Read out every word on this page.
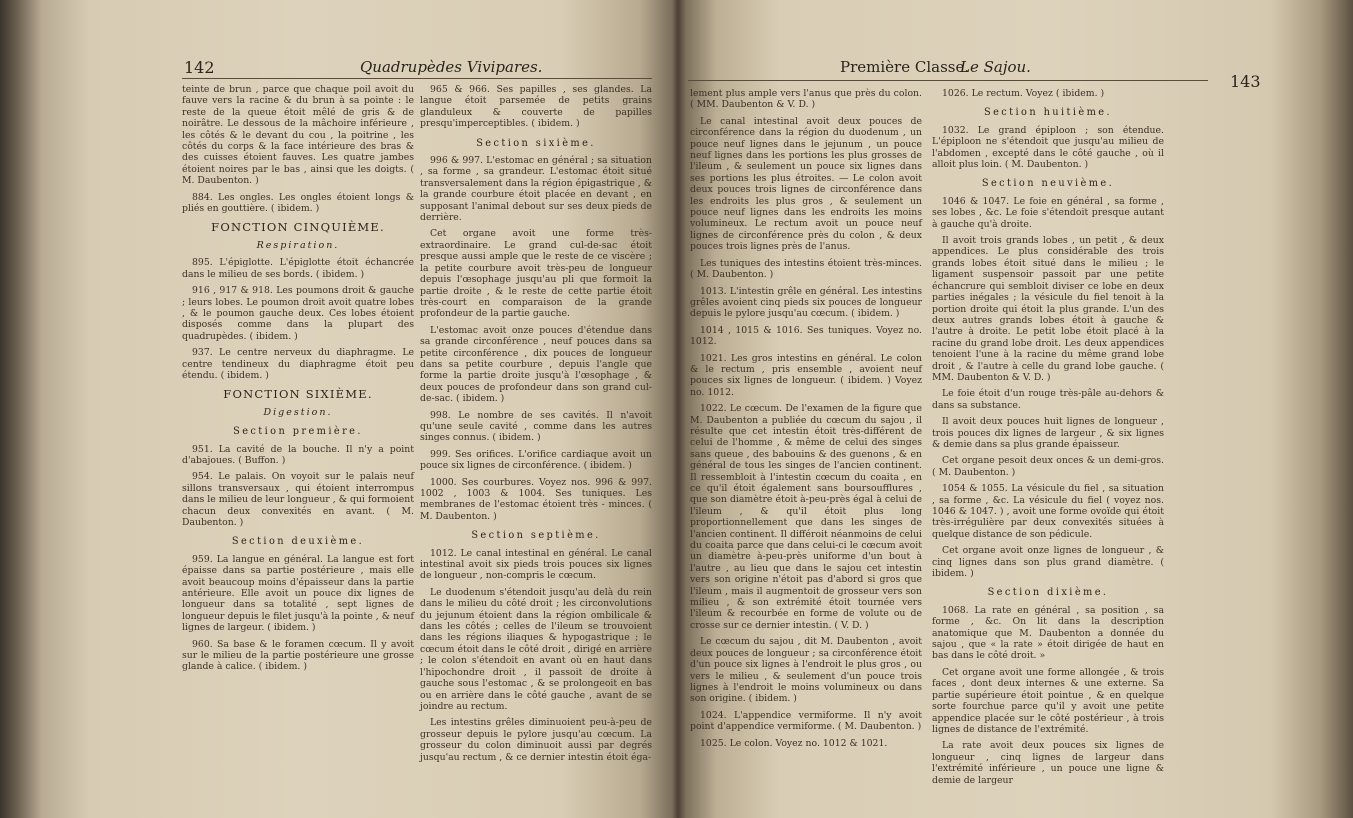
142	Quadrupèdes Vivipares.

teinte de brun , parce que chaque poil avoit du fauve vers la racine & du brun à sa pointe : le reste de la queue étoit mêlé de gris & de noirâtre. Le dessous de la mâchoire inférieure , les côtés & le devant du cou , la poitrine , les côtés du corps & la face intérieure des bras & des cuisses étoient fauves. Les quatre jambes étoient noires par le bas , ainsi que les doigts. ( M. Daubenton. )

884. Les ongles. Les ongles étoient longs & pliés en gouttière. ( ibidem. )

FONCTION CINQUIÈME.
Respiration.

895. L'épiglotte. L'épiglotte étoit échancrée dans le milieu de ses bords. ( ibidem. )

916 , 917 & 918. Les poumons droit & gauche ; leurs lobes. Le poumon droit avoit quatre lobes , & le poumon gauche deux. Ces lobes étoient disposés comme dans la plupart des quadrupèdes. ( ibidem. )

937. Le centre nerveux du diaphragme. Le centre tendineux du diaphragme étoit peu étendu. ( ibidem. )

FONCTION SIXIÈME.
Digestion.
Section première.

951. La cavité de la bouche. Il n'y a point d'abajoues. ( Buffon. )

954. Le palais. On voyoit sur le palais neuf sillons transversaux , qui étoient interrompus dans le milieu de leur longueur , & qui formoient chacun deux convexités en avant. ( M. Daubenton. )

Section deuxième.

959. La langue en général. La langue est fort épaisse dans sa partie postérieure , mais elle avoit beaucoup moins d'épaisseur dans la partie antérieure. Elle avoit un pouce dix lignes de longueur dans sa totalité , sept lignes de longueur depuis le filet jusqu'à la pointe , & neuf lignes de largeur. ( ibidem. )

960. Sa base & le foramen cœcum. Il y avoit sur le milieu de la partie postérieure une grosse glande à calice. ( ibidem. )

965 & 966. Ses papilles , ses glandes. La langue étoit parsemée de petits grains glanduleux & couverte de papilles presqu'imperceptibles. ( ibidem. )

Section sixième.

996 & 997. L'estomac en général ; sa situation , sa forme , sa grandeur. L'estomac étoit situé transversalement dans la région épigastrique , & la grande courbure étoit placée en devant , en supposant l'animal debout sur ses deux pieds de derrière.

Cet organe avoit une forme très-extraordinaire. Le grand cul-de-sac étoit presque aussi ample que le reste de ce viscère ; la petite courbure avoit très-peu de longueur depuis l'œsophage jusqu'au pli que formoit la partie droite , & le reste de cette partie étoit très-court en comparaison de la grande profondeur de la partie gauche.

L'estomac avoit onze pouces d'étendue dans sa grande circonférence , neuf pouces dans sa petite circonférence , dix pouces de longueur dans sa petite courbure , depuis l'angle que forme la partie droite jusqu'à l'œsophage , & deux pouces de profondeur dans son grand cul-de-sac. ( ibidem. )

998. Le nombre de ses cavités. Il n'avoit qu'une seule cavité , comme dans les autres singes connus. ( ibidem. )

999. Ses orifices. L'orifice cardiaque avoit un pouce six lignes de circonférence. ( ibidem. )

1000. Ses courbures. Voyez nos. 996 & 997. 1002 , 1003 & 1004. Ses tuniques. Les membranes de l'estomac étoient très - minces. ( M. Daubenton. )

Section septième.

1012. Le canal intestinal en général. Le canal intestinal avoit six pieds trois pouces six lignes de longueur , non-compris le cœcum.

Le duodenum s'étendoit jusqu'au delà du rein dans le milieu du côté droit ; les circonvolutions du jejunum étoient dans la région ombilicale & dans les côtés ; celles de l'ileum se trouvoient dans les régions iliaques & hypogastrique ; le cœcum étoit dans le côté droit , dirigé en arrière ; le colon s'étendoit en avant où en haut dans l'hipochondre droit , il passoit de droite à gauche sous l'estomac , & se prolongeoit en bas ou en arrière dans le côté gauche , avant de se joindre au rectum.

Les intestins grêles diminuoient peu-à-peu de grosseur depuis le pylore jusqu'au cœcum. La grosseur du colon diminuoit aussi par degrés jusqu'au rectum , & ce dernier intestin étoit éga-

Première Classe.
Le Sajou.
143

lement plus ample vers l'anus que près du colon. ( MM. Daubenton & V. D. )

Le canal intestinal avoit deux pouces de circonférence dans la région du duodenum , un pouce neuf lignes dans le jejunum , un pouce neuf lignes dans les portions les plus grosses de l'ileum , & seulement un pouce six lignes dans ses portions les plus étroites. — Le colon avoit deux pouces trois lignes de circonférence dans les endroits les plus gros , & seulement un pouce neuf lignes dans les endroits les moins volumineux. Le rectum avoit un pouce neuf lignes de circonférence près du colon , & deux pouces trois lignes près de l'anus.

Les tuniques des intestins étoient très-minces. ( M. Daubenton. )

1013. L'intestin grêle en général. Les intestins grêles avoient cinq pieds six pouces de longueur depuis le pylore jusqu'au cœcum. ( ibidem. )

1014 , 1015 & 1016. Ses tuniques. Voyez no. 1012.

1021. Les gros intestins en général. Le colon & le rectum , pris ensemble , avoient neuf pouces six lignes de longueur. ( ibidem. ) Voyez no. 1012.

1022. Le cœcum. De l'examen de la figure que M. Daubenton a publiée du cœcum du sajou , il résulte que cet intestin étoit très-différent de celui de l'homme , & même de celui des singes sans queue , des babouins & des guenons , & en général de tous les singes de l'ancien continent. Il ressembloit à l'intestin cœcum du coaita , en ce qu'il étoit également sans boursoufflures , que son diamètre étoit à-peu-près égal à celui de l'ileum , & qu'il étoit plus long proportionnellement que dans les singes de l'ancien continent. Il différoit néanmoins de celui du coaita parce que dans celui-ci le cœcum avoit un diamètre à-peu-près uniforme d'un bout à l'autre , au lieu que dans le sajou cet intestin vers son origine n'étoit pas d'abord si gros que l'ileum , mais il augmentoit de grosseur vers son milieu , & son extrémité étoit tournée vers l'ileum & recourbée en forme de volute ou de crosse sur ce dernier intestin. ( V. D. )

Le cœcum du sajou , dit M. Daubenton , avoit deux pouces de longueur ; sa circonférence étoit d'un pouce six lignes à l'endroit le plus gros , ou vers le milieu , & seulement d'un pouce trois lignes à l'endroit le moins volumineux ou dans son origine. ( ibidem. )

1024. L'appendice vermiforme. Il n'y avoit point d'appendice vermiforme. ( M. Daubenton. )

1025. Le colon. Voyez no. 1012 & 1021.

1026. Le rectum. Voyez ( ibidem. )

Section huitième.

1032. Le grand épiploon ; son étendue. L'épiploon ne s'étendoit que jusqu'au milieu de l'abdomen , excepté dans le côté gauche , où il alloit plus loin. ( M. Daubenton. )

Section neuvième.

1046 & 1047. Le foie en général , sa forme , ses lobes , &c. Le foie s'étendoit presque autant à gauche qu'à droite.

Il avoit trois grands lobes , un petit , & deux appendices. Le plus considérable des trois grands lobes étoit situé dans le milieu ; le ligament suspensoir passoit par une petite échancrure qui sembloit diviser ce lobe en deux parties inégales ; la vésicule du fiel tenoit à la portion droite qui étoit la plus grande. L'un des deux autres grands lobes étoit à gauche & l'autre à droite. Le petit lobe étoit placé à la racine du grand lobe droit. Les deux appendices tenoient l'une à la racine du même grand lobe droit , & l'autre à celle du grand lobe gauche. ( MM. Daubenton & V. D. )

Le foie étoit d'un rouge très-pâle au-dehors & dans sa substance.

Il avoit deux pouces huit lignes de longueur , trois pouces dix lignes de largeur , & six lignes & demie dans sa plus grande épaisseur.

Cet organe pesoit deux onces & un demi-gros. ( M. Daubenton. )

1054 & 1055. La vésicule du fiel , sa situation , sa forme , &c. La vésicule du fiel ( voyez nos. 1046 & 1047. ) , avoit une forme ovoïde qui étoit très-irrégulière par deux convexités situées à quelque distance de son pédicule.

Cet organe avoit onze lignes de longueur , & cinq lignes dans son plus grand diamètre. ( ibidem. )

Section dixième.

1068. La rate en général , sa position , sa forme , &c. On lit dans la description anatomique que M. Daubenton a donnée du sajou , que « la rate » étoit dirigée de haut en bas dans le côté droit. »

Cet organe avoit une forme allongée , & trois faces , dont deux internes & une externe. Sa partie supérieure étoit pointue , & en quelque sorte fourchue parce qu'il y avoit une petite appendice placée sur le côté postérieur , à trois lignes de distance de l'extrémité.

La rate avoit deux pouces six lignes de longueur , cinq lignes de largeur dans l'extrémité inférieure , un pouce une ligne & demie de largeur
